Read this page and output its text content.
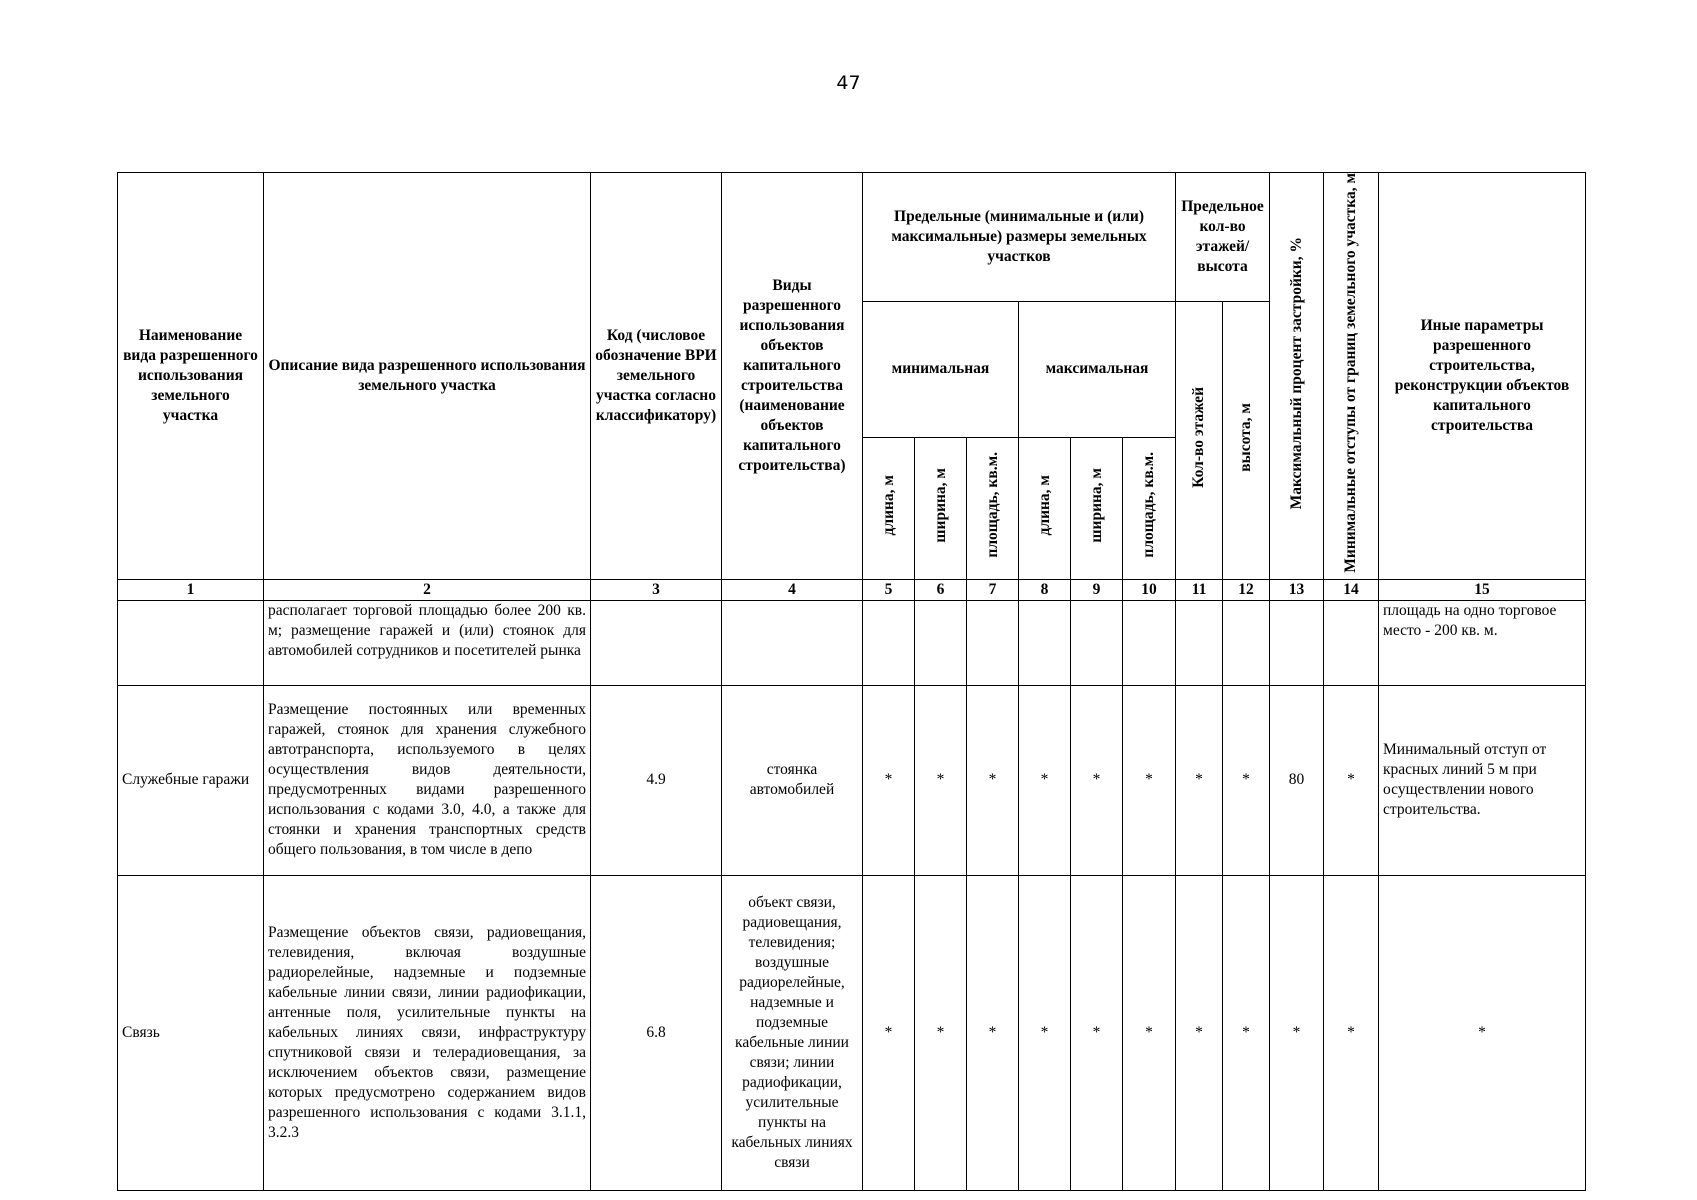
47
Наименование вида разрешенного использования земельного участка	Описание вида разрешенного использования земельного участка	Код (числовое обозначение ВРИ земельного участка согласно классификатору)	Виды разрешенного использования объектов капитального строительства (наименование объектов капитального строительства)	Предельные (минимальные и (или) максимальные) размеры земельных участков						Предельное кол-во этажей/ высота		Максимальный процент застройки, %	Минимальные отступы от границ земельного участка, м	Иные параметры разрешенного строительства, реконструкции объектов капитального строительства
				минимальная			максимальная			Кол-во этажей	высота, м			
				длина, м	ширина, м	площадь, кв.м.	длина, м	ширина, м	площадь, кв.м.					
1	2	3	4	5	6	7	8	9	10	11	12	13	14	15
	располагает торговой площадью более 200 кв. м; размещение гаражей и (или) стоянок для автомобилей сотрудников и посетителей рынка													площадь на одно торговое место - 200 кв. м.
Служебные гаражи	Размещение постоянных или временных гаражей, стоянок для хранения служебного автотранспорта, используемого в целях осуществления видов деятельности, предусмотренных видами разрешенного использования с кодами 3.0, 4.0, а также для стоянки и хранения транспортных средств общего пользования, в том числе в депо	4.9	стоянка автомобилей	*	*	*	*	*	*	*	*	80	*	Минимальный отступ от красных линий 5 м при осуществлении нового строительства.
Связь	Размещение объектов связи, радиовещания, телевидения, включая воздушные радиорелейные, надземные и подземные кабельные линии связи, линии радиофикации, антенные поля, усилительные пункты на кабельных линиях связи, инфраструктуру спутниковой связи и телерадиовещания, за исключением объектов связи, размещение которых предусмотрено содержанием видов разрешенного использования с кодами 3.1.1, 3.2.3	6.8	объект связи, радиовещания, телевидения; воздушные радиорелейные, надземные и подземные кабельные линии связи; линии радиофикации, усилительные пункты на кабельных линиях связи	*	*	*	*	*	*	*	*	*	*	*
